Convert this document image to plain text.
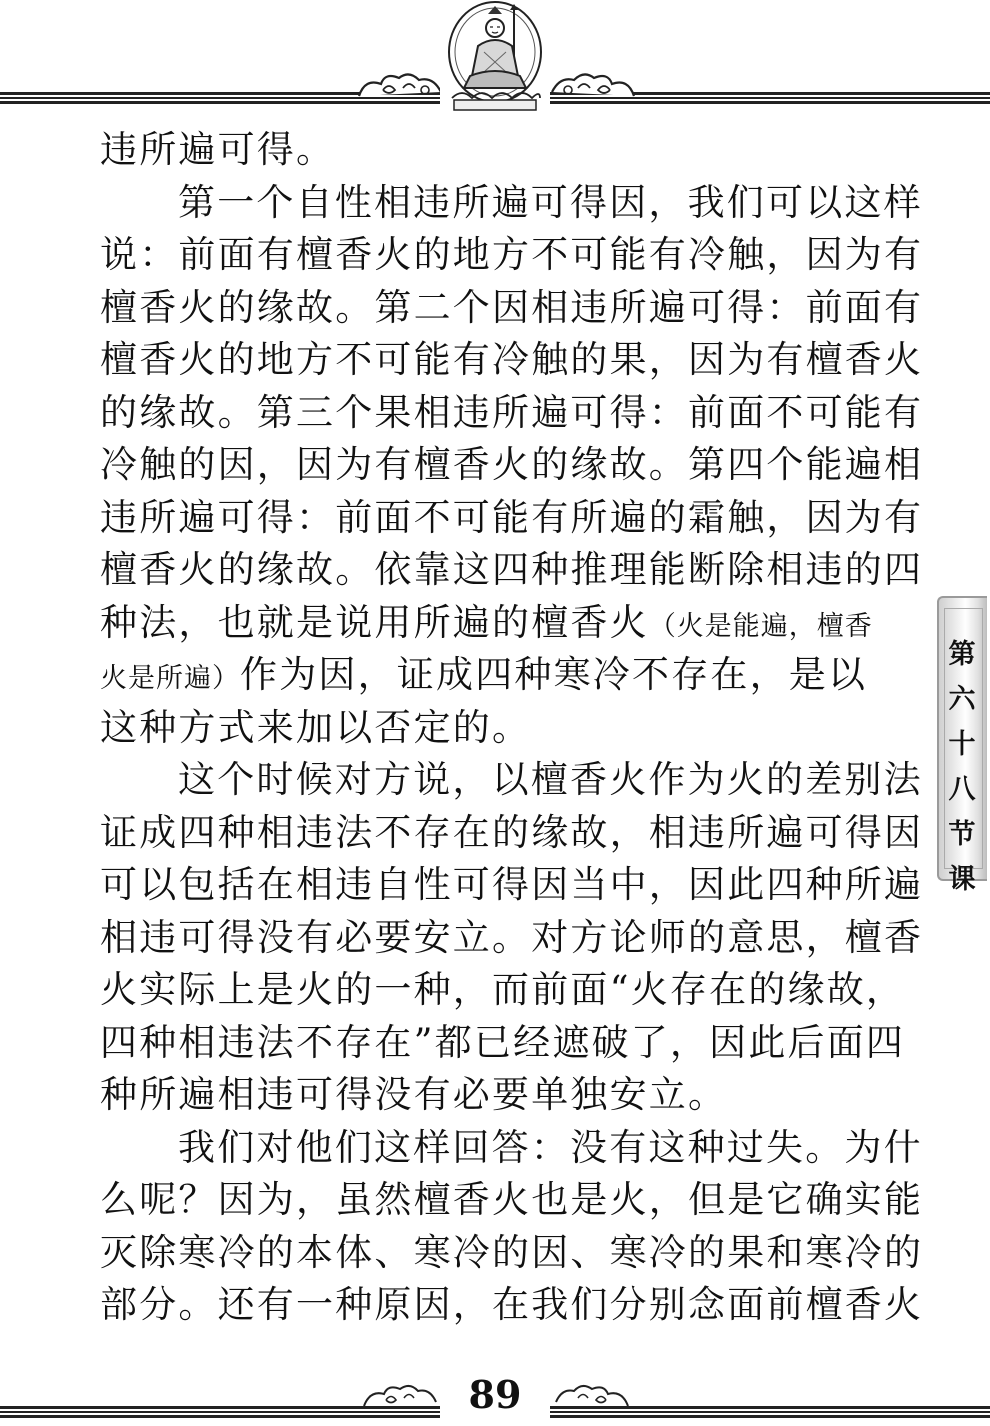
违所遍可得。
第一个自性相违所遍可得因，我们可以这样
说：前面有檀香火的地方不可能有冷触，因为有
檀香火的缘故。第二个因相违所遍可得：前面有
檀香火的地方不可能有冷触的果，因为有檀香火
的缘故。第三个果相违所遍可得：前面不可能有
冷触的因，因为有檀香火的缘故。第四个能遍相
违所遍可得：前面不可能有所遍的霜触，因为有
檀香火的缘故。依靠这四种推理能断除相违的四
种法，也就是说用所遍的檀香火（火是能遍，檀香
火是所遍）作为因，证成四种寒冷不存在，是以
这种方式来加以否定的。
这个时候对方说，以檀香火作为火的差别法
证成四种相违法不存在的缘故，相违所遍可得因
可以包括在相违自性可得因当中，因此四种所遍
相违可得没有必要安立。对方论师的意思，檀香
火实际上是火的一种，而前面“火存在的缘故，
四种相违法不存在”都已经遮破了，因此后面四
种所遍相违可得没有必要单独安立。
我们对他们这样回答：没有这种过失。为什
么呢？因为，虽然檀香火也是火，但是它确实能
灭除寒冷的本体、寒冷的因、寒冷的果和寒冷的
部分。还有一种原因，在我们分别念面前檀香火
第
六
十
八
节
课
89
